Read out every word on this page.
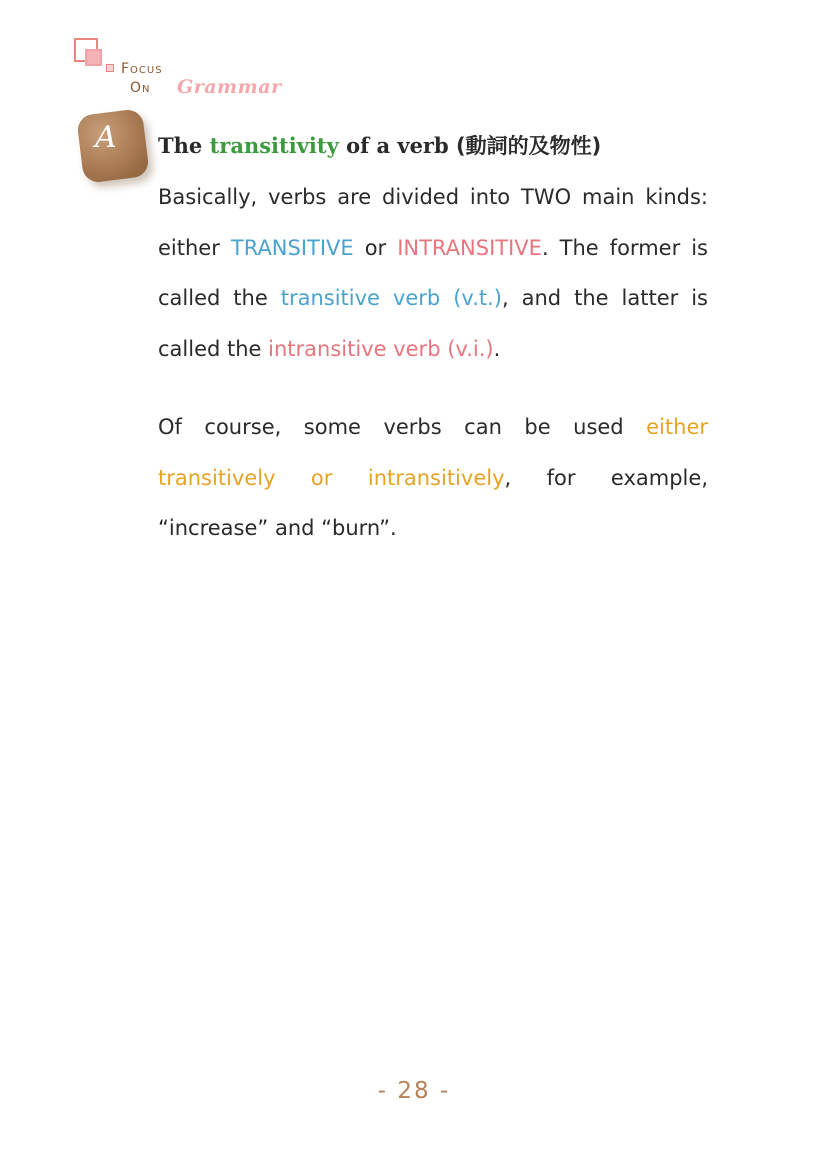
Focus
On Grammar
A	The transitivity of a verb (動詞的及物性)
Basically, verbs are divided into TWO main kinds: either TRANSITIVE or INTRANSITIVE. The former is called the transitive verb (v.t.), and the latter is called the intransitive verb (v.i.).
Of course, some verbs can be used either transitively or intransitively, for example, “increase” and “burn”.
- 28 -
